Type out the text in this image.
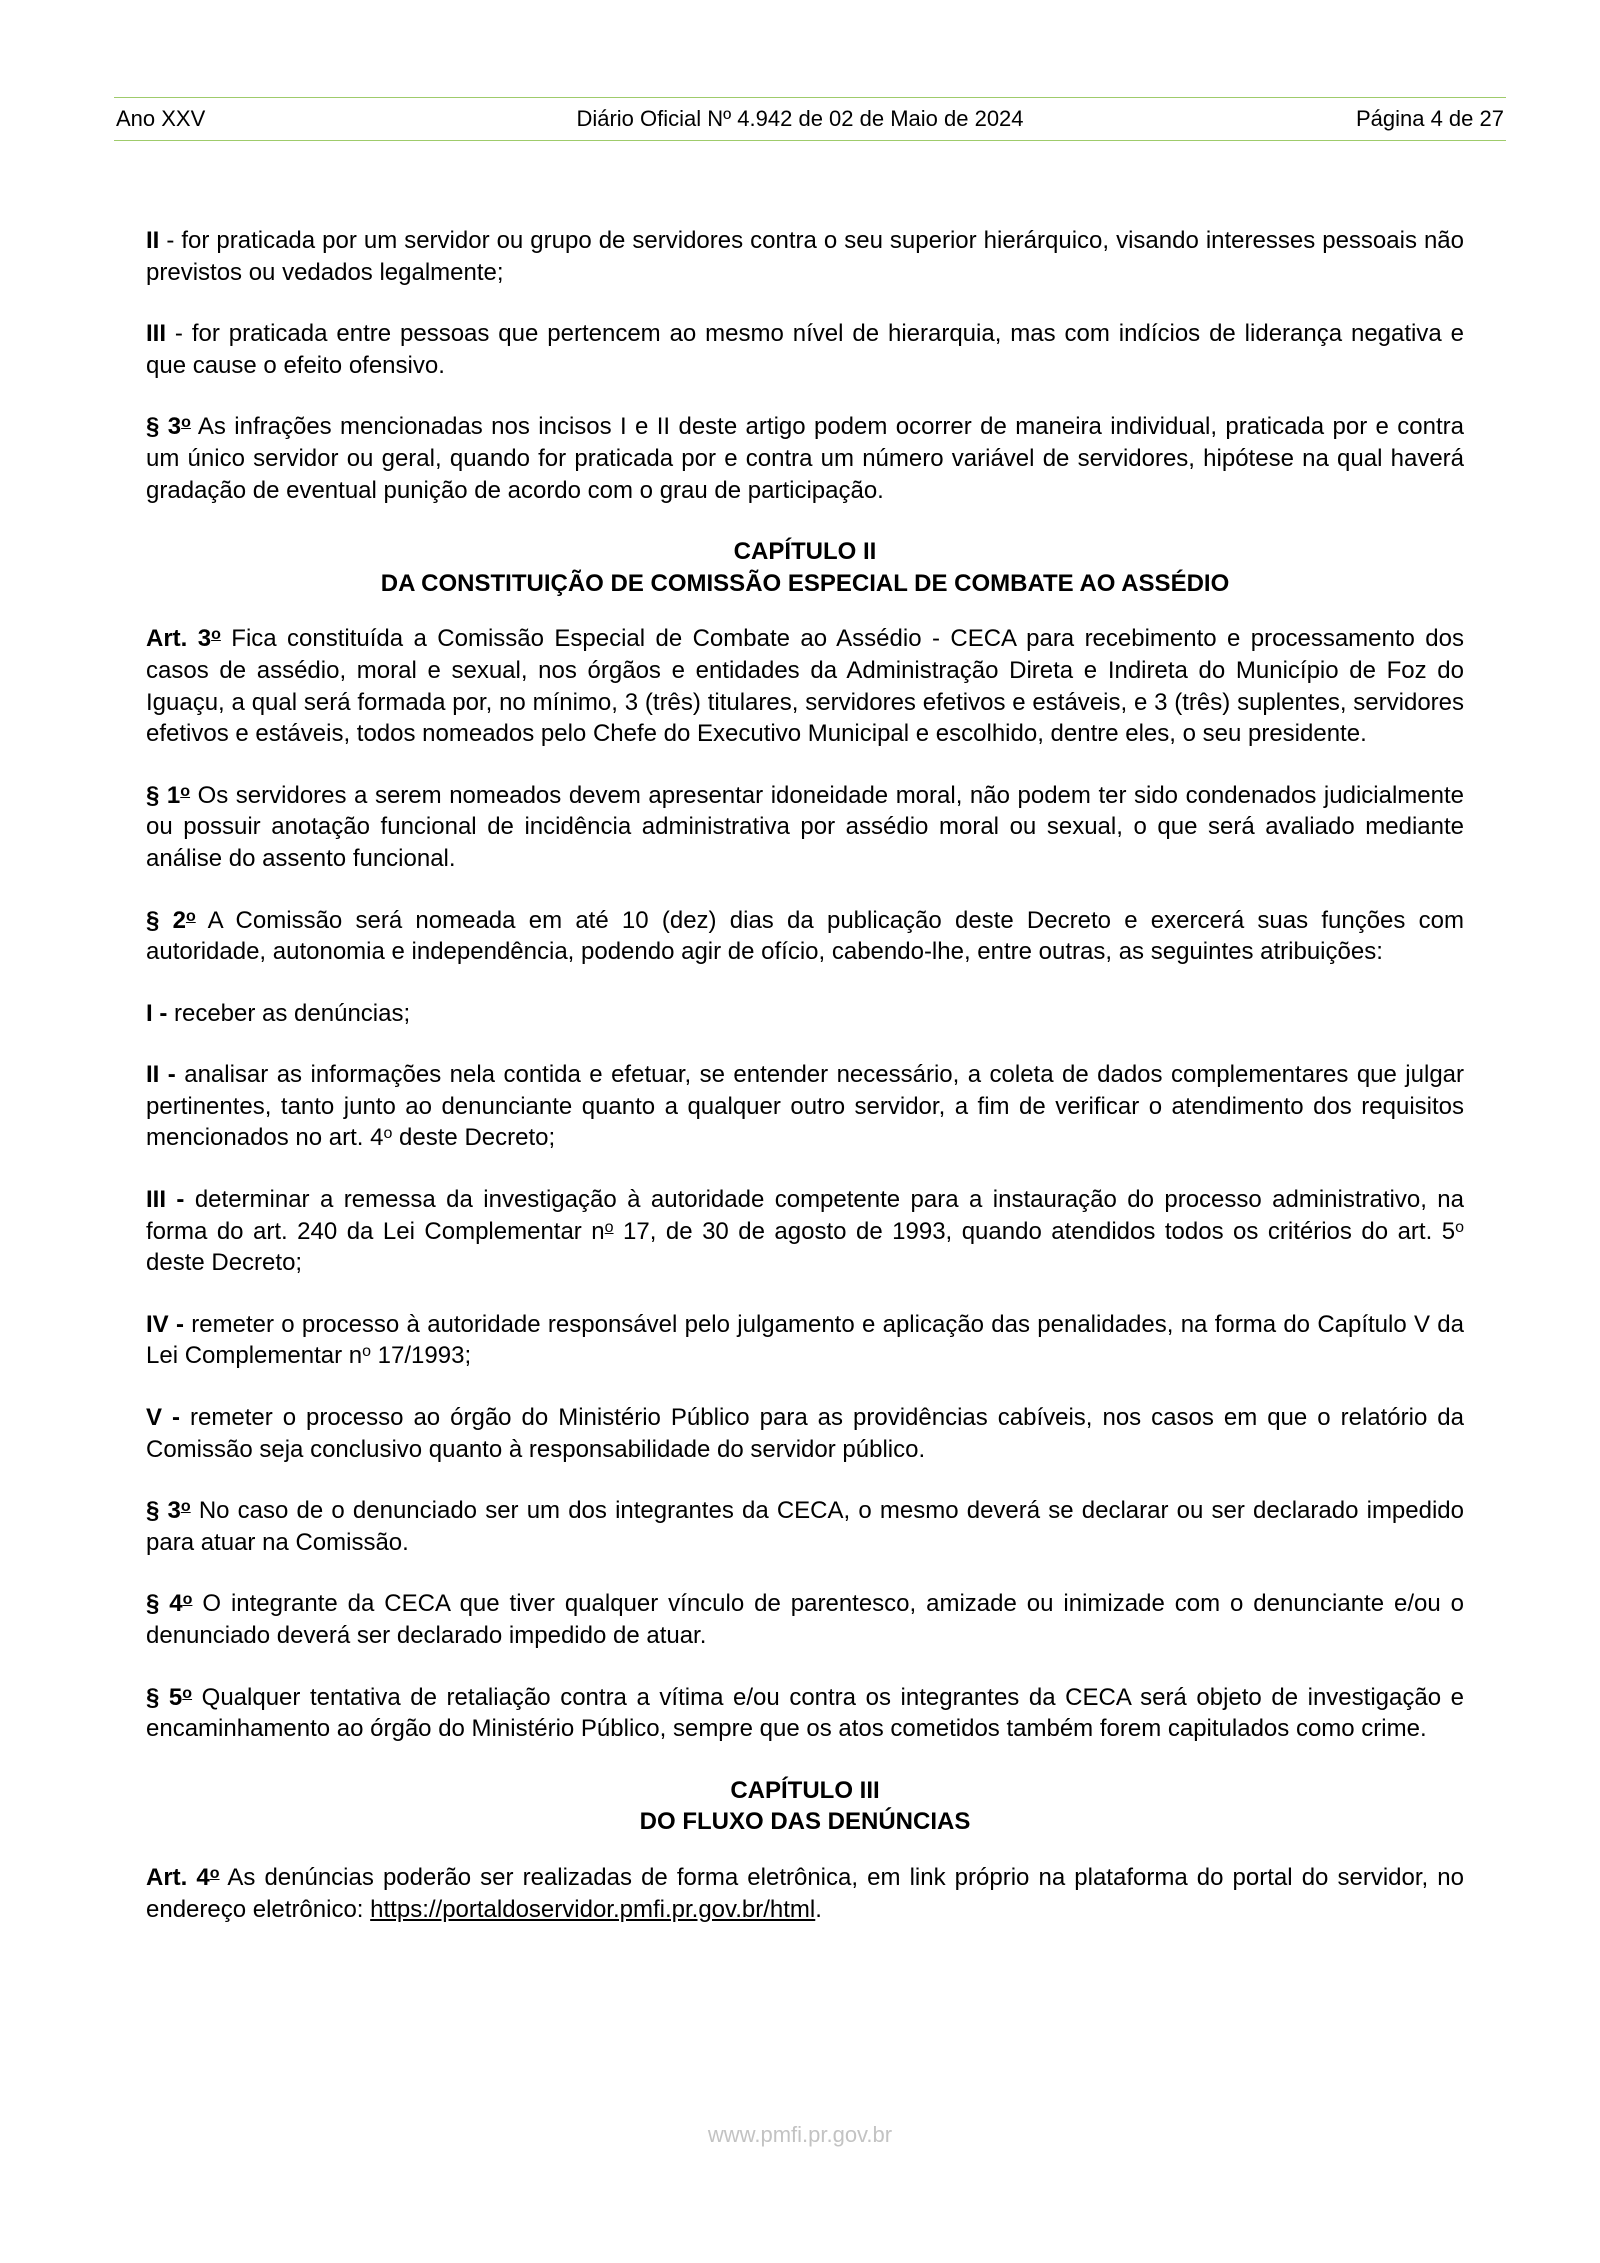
Ano XXV	Diário Oficial Nº 4.942 de 02 de Maio de 2024	Página 4 de 27

II - for praticada por um servidor ou grupo de servidores contra o seu superior hierárquico, visando interesses pessoais não previstos ou vedados legalmente;

III - for praticada entre pessoas que pertencem ao mesmo nível de hierarquia, mas com indícios de liderança negativa e que cause o efeito ofensivo.

§ 3$^o$ As infrações mencionadas nos incisos I e II deste artigo podem ocorrer de maneira individual, praticada por e contra um único servidor ou geral, quando for praticada por e contra um número variável de servidores, hipótese na qual haverá gradação de eventual punição de acordo com o grau de participação.

CAPÍTULO II
DA CONSTITUIÇÃO DE COMISSÃO ESPECIAL DE COMBATE AO ASSÉDIO

Art. 3$^o$ Fica constituída a Comissão Especial de Combate ao Assédio - CECA para recebimento e processamento dos casos de assédio, moral e sexual, nos órgãos e entidades da Administração Direta e Indireta do Município de Foz do Iguaçu, a qual será formada por, no mínimo, 3 (três) titulares, servidores efetivos e estáveis, e 3 (três) suplentes, servidores efetivos e estáveis, todos nomeados pelo Chefe do Executivo Municipal e escolhido, dentre eles, o seu presidente.

§ 1$^o$ Os servidores a serem nomeados devem apresentar idoneidade moral, não podem ter sido condenados judicialmente ou possuir anotação funcional de incidência administrativa por assédio moral ou sexual, o que será avaliado mediante análise do assento funcional.

§ 2$^o$ A Comissão será nomeada em até 10 (dez) dias da publicação deste Decreto e exercerá suas funções com autoridade, autonomia e independência, podendo agir de ofício, cabendo-lhe, entre outras, as seguintes atribuições:

I - receber as denúncias;

II - analisar as informações nela contida e efetuar, se entender necessário, a coleta de dados complementares que julgar pertinentes, tanto junto ao denunciante quanto a qualquer outro servidor, a fim de verificar o atendimento dos requisitos mencionados no art. 4$^o$ deste Decreto;

III - determinar a remessa da investigação à autoridade competente para a instauração do processo administrativo, na forma do art. 240 da Lei Complementar $n^o$ 17, de 30 de agosto de 1993, quando atendidos todos os critérios do art. 5$^o$ deste Decreto;

IV - remeter o processo à autoridade responsável pelo julgamento e aplicação das penalidades, na forma do Capítulo V da Lei Complementar $n^o$ 17/1993;

V - remeter o processo ao órgão do Ministério Público para as providências cabíveis, nos casos em que o relatório da Comissão seja conclusivo quanto à responsabilidade do servidor público.

§ 3$^o$ No caso de o denunciado ser um dos integrantes da CECA, o mesmo deverá se declarar ou ser declarado impedido para atuar na Comissão.

§ 4$^o$ O integrante da CECA que tiver qualquer vínculo de parentesco, amizade ou inimizade com o denunciante e/ou o denunciado deverá ser declarado impedido de atuar.

§ 5$^o$ Qualquer tentativa de retaliação contra a vítima e/ou contra os integrantes da CECA será objeto de investigação e encaminhamento ao órgão do Ministério Público, sempre que os atos cometidos também forem capitulados como crime.

CAPÍTULO III
DO FLUXO DAS DENÚNCIAS

Art. 4$^o$ As denúncias poderão ser realizadas de forma eletrônica, em link próprio na plataforma do portal do servidor, no endereço eletrônico: https://portaldoservidor.pmfi.pr.gov.br/html.

www.pmfi.pr.gov.br
